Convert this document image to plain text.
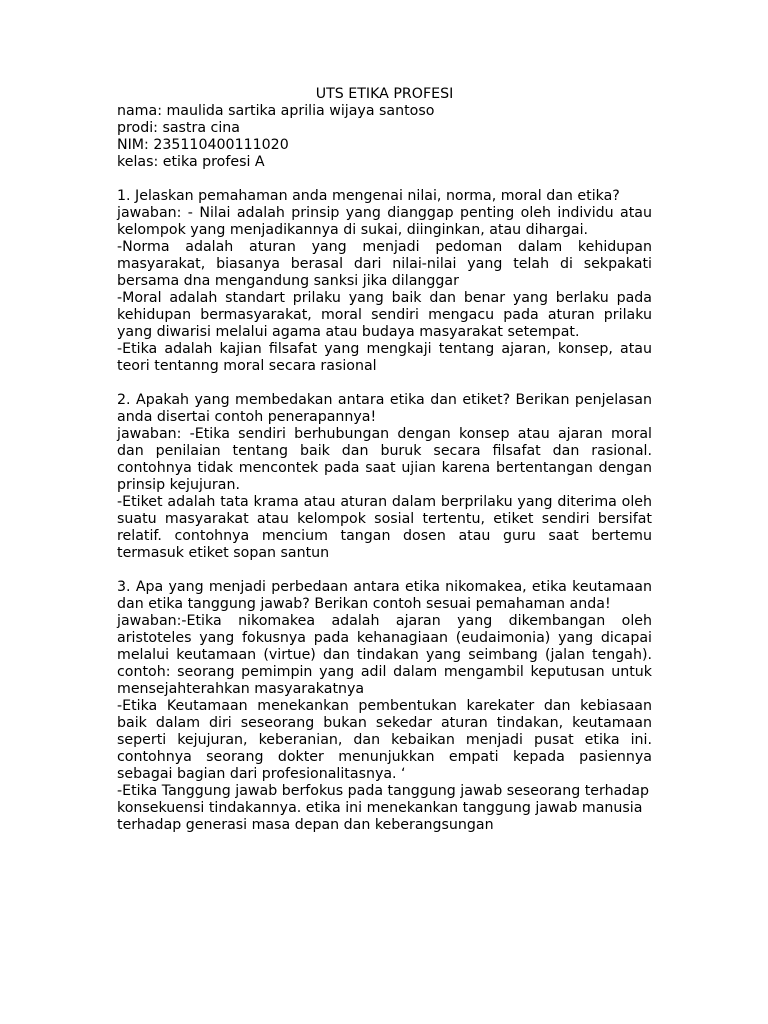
UTS ETIKA PROFESI

nama: maulida sartika aprilia wijaya santoso

prodi: sastra cina

NIM: 235110400111020

kelas: etika profesi A

1. Jelaskan pemahaman anda mengenai nilai, norma, moral dan etika?

jawaban: - Nilai adalah prinsip yang dianggap penting oleh individu atau kelompok yang menjadikannya di sukai, diinginkan, atau dihargai.

-Norma adalah aturan yang menjadi pedoman dalam kehidupan masyarakat, biasanya berasal dari nilai-nilai yang telah di sekpakati bersama dna mengandung sanksi jika dilanggar

-Moral adalah standart prilaku yang baik dan benar yang berlaku pada kehidupan bermasyarakat, moral sendiri mengacu pada aturan prilaku yang diwarisi melalui agama atau budaya masyarakat setempat.

-Etika adalah kajian filsafat yang mengkaji tentang ajaran, konsep, atau teori tentanng moral secara rasional

2. Apakah yang membedakan antara etika dan etiket? Berikan penjelasan anda disertai contoh penerapannya!

jawaban: -Etika sendiri berhubungan dengan konsep atau ajaran moral dan penilaian tentang baik dan buruk secara filsafat dan rasional. contohnya tidak mencontek pada saat ujian karena bertentangan dengan prinsip kejujuran.

-Etiket adalah tata krama atau aturan dalam berprilaku yang diterima oleh suatu masyarakat atau kelompok sosial tertentu, etiket sendiri bersifat relatif. contohnya mencium tangan dosen atau guru saat bertemu termasuk etiket sopan santun

3. Apa yang menjadi perbedaan antara etika nikomakea, etika keutamaan dan etika tanggung jawab? Berikan contoh sesuai pemahaman anda!

jawaban:-Etika nikomakea adalah ajaran yang dikembangan oleh aristoteles yang fokusnya pada kehanagiaan (eudaimonia) yang dicapai melalui keutamaan (virtue) dan tindakan yang seimbang (jalan tengah). contoh: seorang pemimpin yang adil dalam mengambil keputusan untuk mensejahterahkan masyarakatnya

-Etika Keutamaan menekankan pembentukan karekater dan kebiasaan baik dalam diri seseorang bukan sekedar aturan tindakan, keutamaan seperti kejujuran, keberanian, dan kebaikan menjadi pusat etika ini. contohnya seorang dokter menunjukkan empati kepada pasiennya sebagai bagian dari profesionalitasnya. ‘

-Etika Tanggung jawab berfokus pada tanggung jawab seseorang terhadap konsekuensi tindakannya. etika ini menekankan tanggung jawab manusia terhadap generasi masa depan dan keberangsungan
